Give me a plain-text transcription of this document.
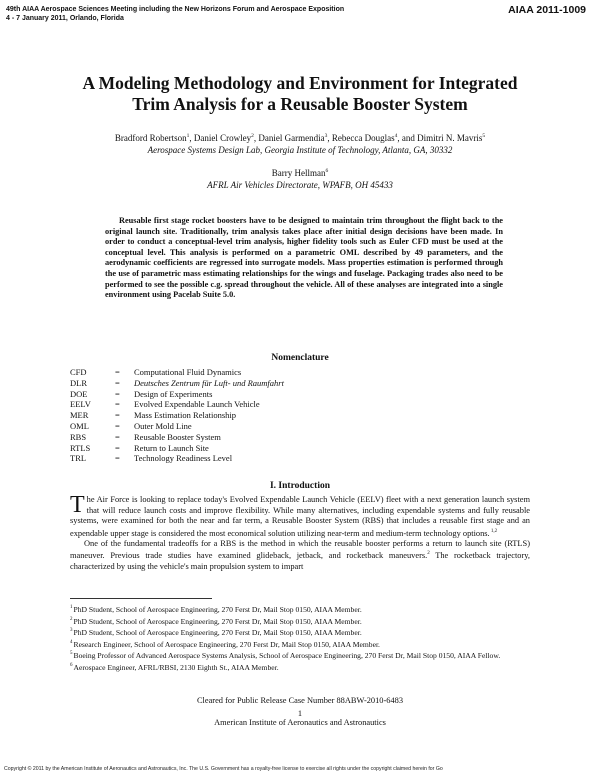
49th AIAA Aerospace Sciences Meeting including the New Horizons Forum and Aerospace Exposition
4 - 7 January 2011, Orlando, Florida
AIAA 2011-1009
A Modeling Methodology and Environment for Integrated
Trim Analysis for a Reusable Booster System
Bradford Robertson$^1$, Daniel Crowley$^2$, Daniel Garmendia$^3$, Rebecca Douglas$^4$, and Dimitri N. Mavris$^5$
Aerospace Systems Design Lab, Georgia Institute of Technology, Atlanta, GA, 30332
Barry Hellman$^6$
AFRL Air Vehicles Directorate, WPAFB, OH 45433
Reusable first stage rocket boosters have to be designed to maintain trim throughout the flight back to the original launch site. Traditionally, trim analysis takes place after initial design decisions have been made. In order to conduct a conceptual-level trim analysis, higher fidelity tools such as Euler CFD must be used at the conceptual level. This analysis is performed on a parametric OML described by 49 parameters, and the aerodynamic coefficients are regressed into surrogate models. Mass properties estimation is performed through the use of parametric mass estimating relationships for the wings and fuselage. Packaging trades also need to be performed to see the possible c.g. spread throughout the vehicle. All of these analyses are integrated into a single environment using Pacelab Suite 5.0.
Nomenclature
CFD	= Computational Fluid Dynamics
DLR	= Deutsches Zentrum für Luft- und Raumfahrt
DOE	= Design of Experiments
EELV	= Evolved Expendable Launch Vehicle
MER	= Mass Estimation Relationship
OML	= Outer Mold Line
RBS	= Reusable Booster System
RTLS	= Return to Launch Site
TRL	= Technology Readiness Level
I. Introduction

The Air Force is looking to replace today's Evolved Expendable Launch Vehicle (EELV) fleet with a next generation launch system that will reduce launch costs and improve flexibility. While many alternatives, including expendable systems and fully reusable systems, were examined for both the near and far term, a Reusable Booster System (RBS) that includes a reusable first stage and an expendable upper stage is considered the most economical solution utilizing near-term and medium-term technology options. $^{1,2}$

One of the fundamental tradeoffs for a RBS is the method in which the reusable booster performs a return to launch site (RTLS) maneuver. Previous trade studies have examined glideback, jetback, and rocketback maneuvers.$^2$ The rocketback trajectory, characterized by using the vehicle's main propulsion system to impart

$^1$PhD Student, School of Aerospace Engineering, 270 Ferst Dr, Mail Stop 0150, AIAA Member.

$^2$PhD Student, School of Aerospace Engineering, 270 Ferst Dr, Mail Stop 0150, AIAA Member.

$^3$PhD Student, School of Aerospace Engineering, 270 Ferst Dr, Mail Stop 0150, AIAA Member.

$^4$Research Engineer, School of Aerospace Engineering, 270 Ferst Dr, Mail Stop 0150, AIAA Member.

$^5$Boeing Professor of Advanced Aerospace Systems Analysis, School of Aerospace Engineering, 270 Ferst Dr, Mail Stop 0150, AIAA Fellow.

$^6$Aerospace Engineer, AFRL/RBSI, 2130 Eighth St., AIAA Member.

Cleared for Public Release Case Number 88ABW-2010-6483
1
American Institute of Aeronautics and Astronautics
Copyright © 2011 by the American Institute of Aeronautics and Astronautics, Inc. The U.S. Government has a royalty-free license to exercise all rights under the copyright claimed herein for Go
